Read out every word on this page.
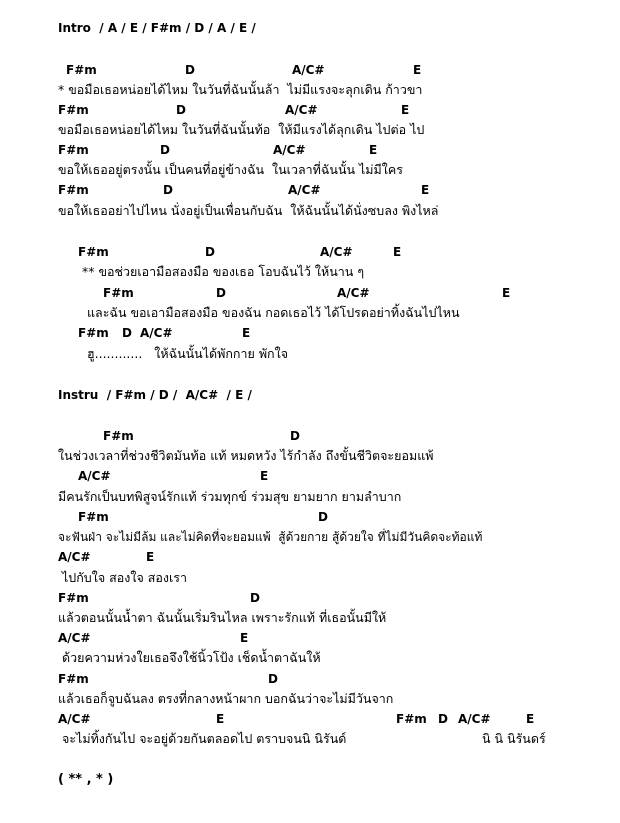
Intro  / A / E / F#m / D / A / E /

F#m

	D

	A/C#

	E

* ขอมือเธอหน่อยได้ไหม ในวันที่ฉันนั้นล้า  ไม่มีแรงจะลุกเดิน ก้าวขา

F#m

	D

	A/C#

	E

ขอมือเธอหน่อยได้ไหม ในวันที่ฉันนั้นท้อ  ให้มีแรงได้ลุกเดิน ไปต่อ ไป

F#m

	D

	A/C#

	E

ขอให้เธออยู่ตรงนั้น เป็นคนที่อยู่ข้างฉัน  ในเวลาที่ฉันนั้น ไม่มีใคร

F#m

	D

	A/C#

	E

ขอให้เธออย่าไปไหน นั่งอยู่เป็นเพื่อนกับฉัน  ให้ฉันนั้นได้นั่งซบลง พิงไหล่

F#m

	D

	A/C#

	E

** ขอช่วยเอามือสองมือ ของเธอ โอบฉันไว้ ให้นาน ๆ

F#m

	D

	A/C#

	E

และฉัน ขอเอามือสองมือ ของฉัน กอดเธอไว้ ได้โปรดอย่าทิ้งฉันไปไหน

F#m

D

A/C#

	E

ฮู............   ให้ฉันนั้นได้พักกาย พักใจ
Instru  / F#m / D /  A/C#  / E /

F#m

	D

ในช่วงเวลาที่ช่วงชีวิตมันท้อ แท้ หมดหวัง ไร้กำลัง ถึงขั้นชีวิตจะยอมแพ้

A/C#

	E

มีคนรักเป็นบทพิสูจน์รักแท้ ร่วมทุกข์ ร่วมสุข ยามยาก ยามลำบาก

F#m

	D

จะฟันฝ่า จะไม่มีล้ม และไม่คิดที่จะยอมแพ้  สู้ด้วยกาย สู้ด้วยใจ ที่ไม่มีวันคิดจะท้อแท้

A/C#

	E

ไปกับใจ สองใจ สองเรา

F#m

	D

แล้วตอนนั้นน้ำตา ฉันนั้นเริ่มรินไหล เพราะรักแท้ ที่เธอนั้นมีให้

A/C#

	E

ด้วยความห่วงใยเธอจึงใช้นิ้วโป้ง เช็ดน้ำตาฉันให้

F#m

	D

แล้วเธอก็จูบฉันลง ตรงที่กลางหน้าผาก บอกฉันว่าจะไม่มีวันจาก

A/C#

	E

	F#m

D

A/C#

	E

จะไม่ทิ้งกันไป จะอยู่ด้วยกันตลอดไป ตราบจนนิ นิรันด์	นิ นิ นิรันดร์
( ** , * )
